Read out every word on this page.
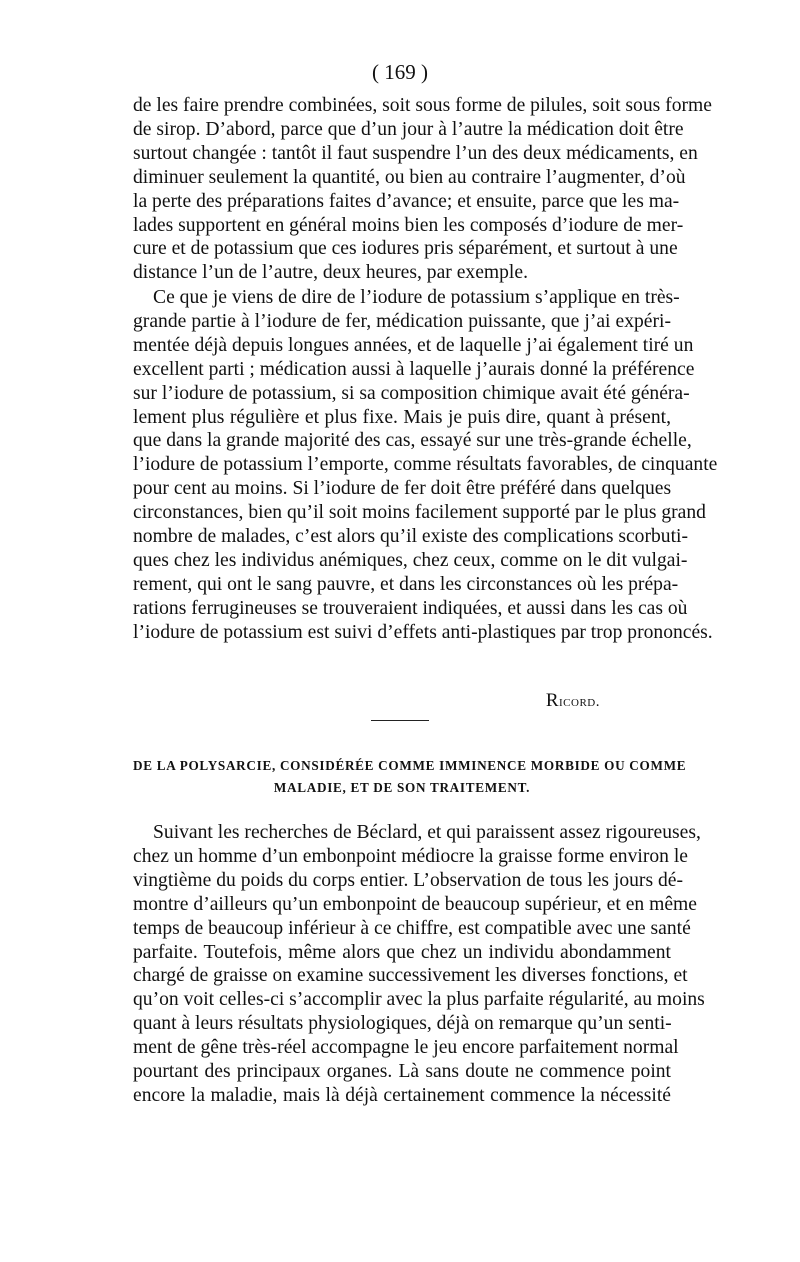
( 169 )
de les faire prendre combinées, soit sous forme de pilules, soit sous forme
de sirop. D’abord, parce que d’un jour à l’autre la médication doit être
surtout changée : tantôt il faut suspendre l’un des deux médicaments, en
diminuer seulement la quantité, ou bien au contraire l’augmenter, d’où
la perte des préparations faites d’avance; et ensuite, parce que les ma-
lades supportent en général moins bien les composés d’iodure de mer-
cure et de potassium que ces iodures pris séparément, et surtout à une
distance l’un de l’autre, deux heures, par exemple.
Ce que je viens de dire de l’iodure de potassium s’applique en très-
grande partie à l’iodure de fer, médication puissante, que j’ai expéri-
mentée déjà depuis longues années, et de laquelle j’ai également tiré un
excellent parti ; médication aussi à laquelle j’aurais donné la préférence
sur l’iodure de potassium, si sa composition chimique avait été généra-
lement plus régulière et plus fixe. Mais je puis dire, quant à présent,
que dans la grande majorité des cas, essayé sur une très-grande échelle,
l’iodure de potassium l’emporte, comme résultats favorables, de cinquante
pour cent au moins. Si l’iodure de fer doit être préféré dans quelques
circonstances, bien qu’il soit moins facilement supporté par le plus grand
nombre de malades, c’est alors qu’il existe des complications scorbuti-
ques chez les individus anémiques, chez ceux, comme on le dit vulgai-
rement, qui ont le sang pauvre, et dans les circonstances où les prépa-
rations ferrugineuses se trouveraient indiquées, et aussi dans les cas où
l’iodure de potassium est suivi d’effets anti-plastiques par trop prononcés.
Ricord.
DE LA POLYSARCIE, CONSIDÉRÉE COMME IMMINENCE MORBIDE OU COMME
MALADIE, ET DE SON TRAITEMENT.
Suivant les recherches de Béclard, et qui paraissent assez rigoureuses,
chez un homme d’un embonpoint médiocre la graisse forme environ le
vingtième du poids du corps entier. L’observation de tous les jours dé-
montre d’ailleurs qu’un embonpoint de beaucoup supérieur, et en même
temps de beaucoup inférieur à ce chiffre, est compatible avec une santé
parfaite. Toutefois, même alors que chez un individu abondamment
chargé de graisse on examine successivement les diverses fonctions, et
qu’on voit celles-ci s’accomplir avec la plus parfaite régularité, au moins
quant à leurs résultats physiologiques, déjà on remarque qu’un senti-
ment de gêne très-réel accompagne le jeu encore parfaitement normal
pourtant des principaux organes. Là sans doute ne commence point
encore la maladie, mais là déjà certainement commence la nécessité
